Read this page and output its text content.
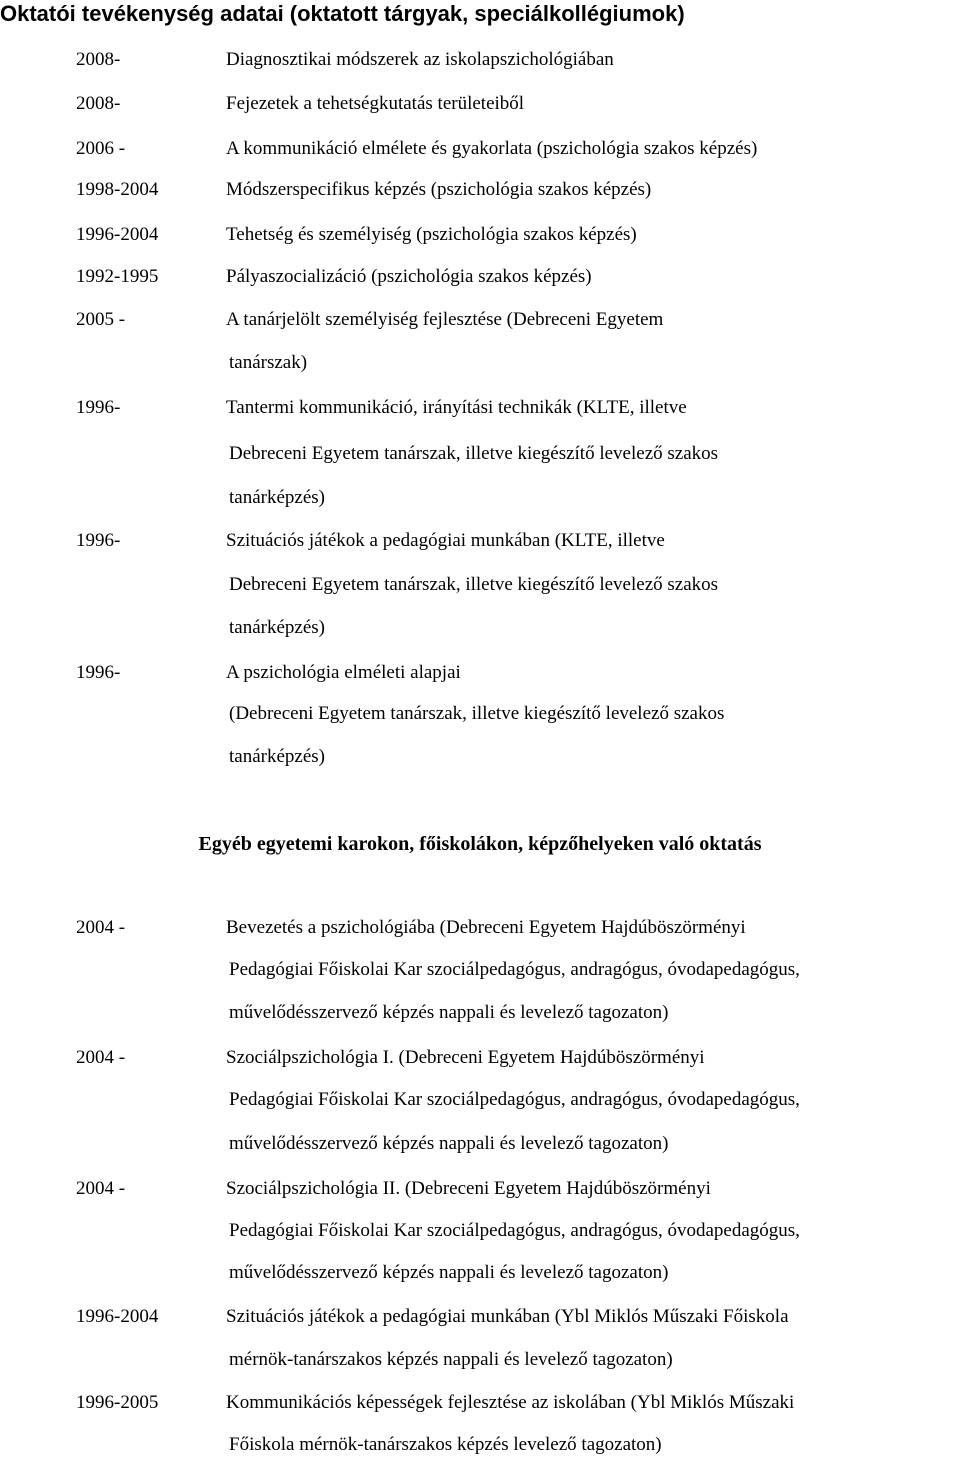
Oktatói tevékenység adatai (oktatott tárgyak, speciálkollégiumok)
2008-	Diagnosztikai módszerek az iskolapszichológiában
2008-	Fejezetek a tehetségkutatás területeiből
2006 -	A kommunikáció elmélete és gyakorlata (pszichológia szakos képzés)
1998-2004	Módszerspecifikus képzés (pszichológia szakos képzés)
1996-2004	Tehetség és személyiség (pszichológia szakos képzés)
1992-1995	Pályaszocializáció (pszichológia szakos képzés)
2005 -	A tanárjelölt személyiség fejlesztése (Debreceni Egyetem
tanárszak)
1996-	Tantermi kommunikáció, irányítási technikák (KLTE, illetve
Debreceni Egyetem tanárszak, illetve kiegészítő levelező szakos
tanárképzés)
1996-	Szituációs játékok a pedagógiai munkában (KLTE, illetve
Debreceni Egyetem tanárszak, illetve kiegészítő levelező szakos
tanárképzés)
1996-	A pszichológia elméleti alapjai
(Debreceni Egyetem tanárszak, illetve kiegészítő levelező szakos
tanárképzés)
Egyéb egyetemi karokon, főiskolákon, képzőhelyeken való oktatás
2004 -	Bevezetés a pszichológiába (Debreceni Egyetem Hajdúböszörményi
Pedagógiai Főiskolai Kar szociálpedagógus, andragógus, óvodapedagógus,
művelődésszervező képzés nappali és levelező tagozaton)
2004 -	Szociálpszichológia I. (Debreceni Egyetem Hajdúböszörményi
Pedagógiai Főiskolai Kar szociálpedagógus, andragógus, óvodapedagógus,
művelődésszervező képzés nappali és levelező tagozaton)
2004 -	Szociálpszichológia II. (Debreceni Egyetem Hajdúböszörményi
Pedagógiai Főiskolai Kar szociálpedagógus, andragógus, óvodapedagógus,
művelődésszervező képzés nappali és levelező tagozaton)
1996-2004	Szituációs játékok a pedagógiai munkában (Ybl Miklós Műszaki Főiskola
mérnök-tanárszakos képzés nappali és levelező tagozaton)
1996-2005	Kommunikációs képességek fejlesztése az iskolában (Ybl Miklós Műszaki
Főiskola mérnök-tanárszakos képzés levelező tagozaton)
